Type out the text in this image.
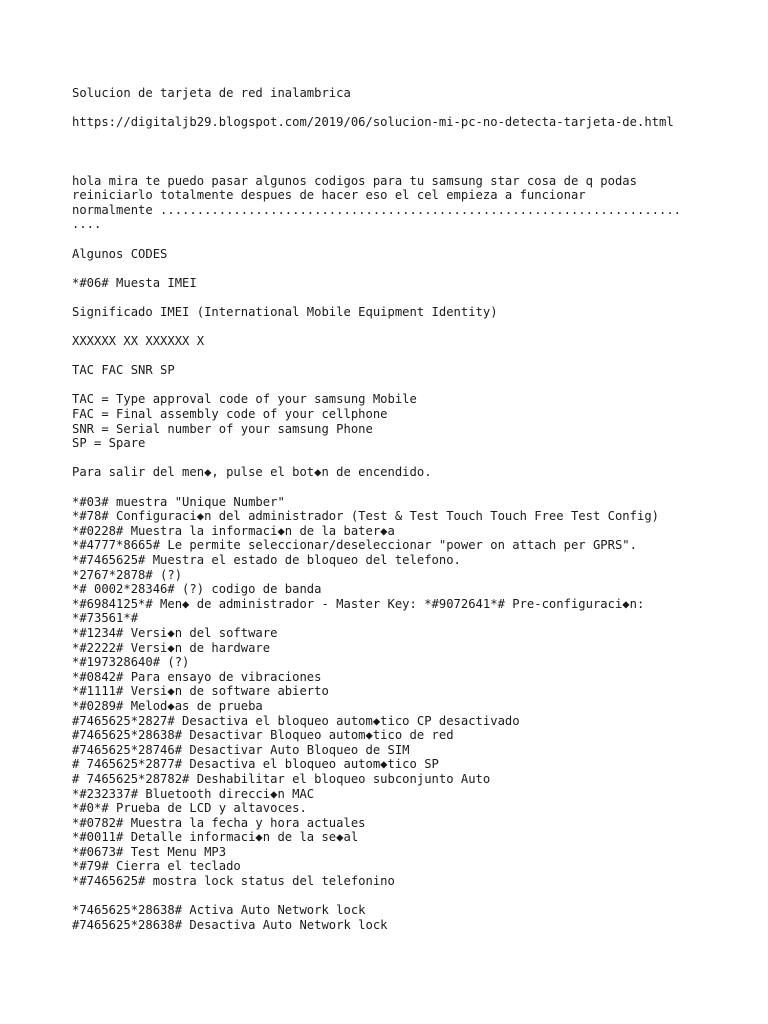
Solucion de tarjeta de red inalambrica
https://digitaljb29.blogspot.com/2019/06/solucion-mi-pc-no-detecta-tarjeta-de.html
hola mira te puedo pasar algunos codigos para tu samsung star cosa de q podas
reiniciarlo totalmente despues de hacer eso el cel empieza a funcionar
normalmente .......................................................................
....
Algunos CODES
*#06# Muesta IMEI
Significado IMEI (International Mobile Equipment Identity)
XXXXXX XX XXXXXX X
TAC FAC SNR SP
TAC = Type approval code of your samsung Mobile
FAC = Final assembly code of your cellphone
SNR = Serial number of your samsung Phone
SP = Spare
Para salir del men◆, pulse el bot◆n de encendido.
*#03# muestra "Unique Number"
*#78# Configuraci◆n del administrador (Test & Test Touch Touch Free Test Config)
*#0228# Muestra la informaci◆n de la bater◆a
*#4777*8665# Le permite seleccionar/deseleccionar "power on attach per GPRS".
*#7465625# Muestra el estado de bloqueo del telefono.
*2767*2878# (?)
*# 0002*28346# (?) codigo de banda
*#6984125*# Men◆ de administrador - Master Key: *#9072641*# Pre-configuraci◆n:
*#73561*#
*#1234# Versi◆n del software
*#2222# Versi◆n de hardware
*#197328640# (?)
*#0842# Para ensayo de vibraciones
*#1111# Versi◆n de software abierto
*#0289# Melod◆as de prueba
#7465625*2827# Desactiva el bloqueo autom◆tico CP desactivado
#7465625*28638# Desactivar Bloqueo autom◆tico de red
#7465625*28746# Desactivar Auto Bloqueo de SIM
# 7465625*2877# Desactiva el bloqueo autom◆tico SP
# 7465625*28782# Deshabilitar el bloqueo subconjunto Auto
*#232337# Bluetooth direcci◆n MAC
*#0*# Prueba de LCD y altavoces.
*#0782# Muestra la fecha y hora actuales
*#0011# Detalle informaci◆n de la se◆al
*#0673# Test Menu MP3
*#79# Cierra el teclado
*#7465625# mostra lock status del telefonino
*7465625*28638# Activa Auto Network lock
#7465625*28638# Desactiva Auto Network lock
